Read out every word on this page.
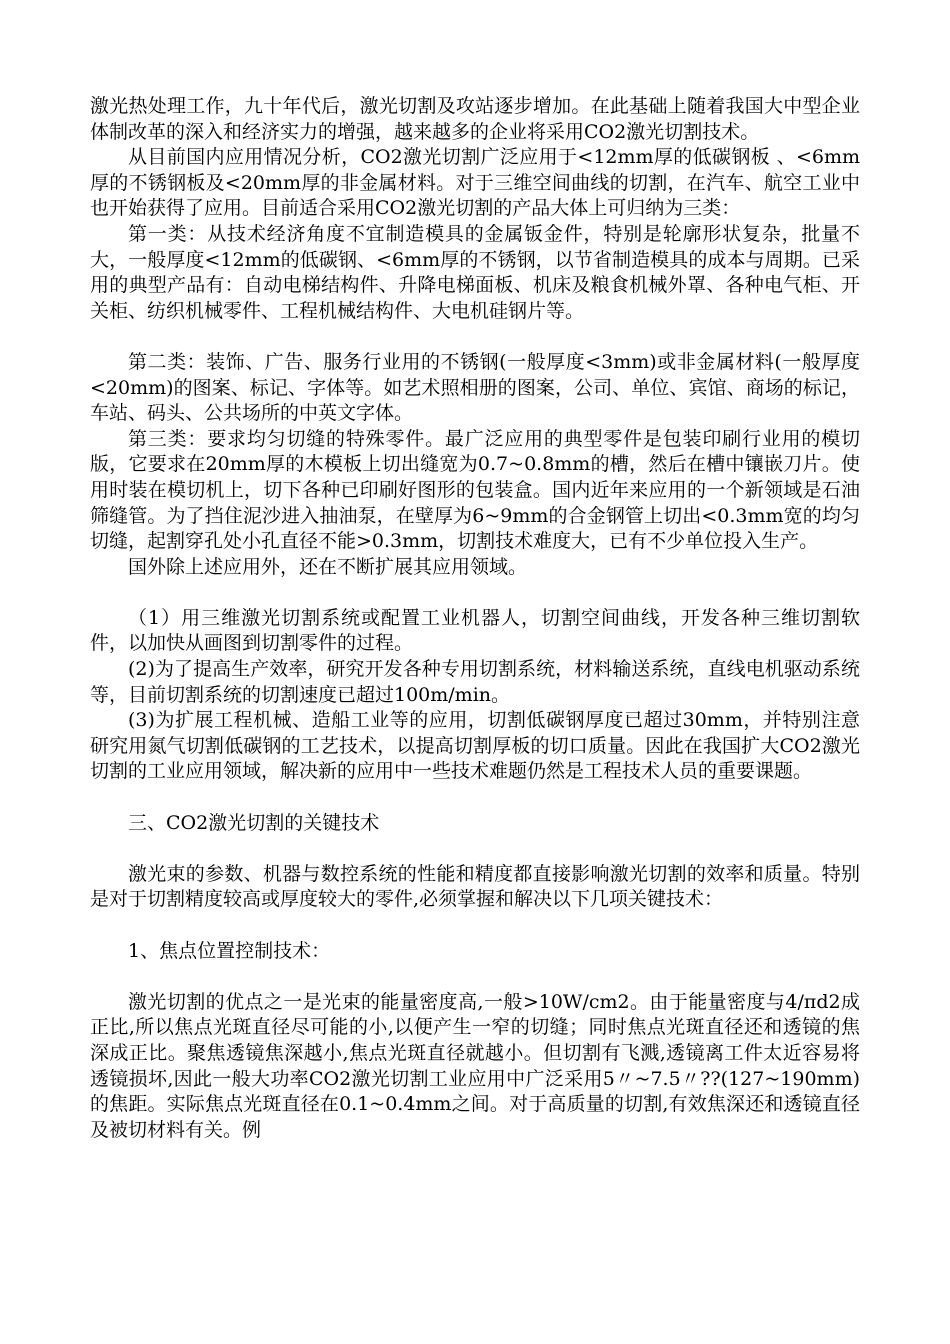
激光热处理工作，九十年代后，激光切割及攻站逐步增加。在此基础上随着我国大中型企业体制改革的深入和经济实力的增强，越来越多的企业将采用CO2激光切割技术。

从目前国内应用情况分析，CO2激光切割广泛应用于<12mm厚的低碳钢板 、<6mm厚的不锈钢板及<20mm厚的非金属材料。对于三维空间曲线的切割，在汽车、航空工业中也开始获得了应用。目前适合采用CO2激光切割的产品大体上可归纳为三类：

第一类：从技术经济角度不宜制造模具的金属钣金件，特别是轮廓形状复杂，批量不大，一般厚度<12mm的低碳钢、<6mm厚的不锈钢，以节省制造模具的成本与周期。已采用的典型产品有：自动电梯结构件、升降电梯面板、机床及粮食机械外罩、各种电气柜、开关柜、纺织机械零件、工程机械结构件、大电机硅钢片等。

第二类：装饰、广告、服务行业用的不锈钢(一般厚度<3mm)或非金属材料(一般厚度<20mm)的图案、标记、字体等。如艺术照相册的图案，公司、单位、宾馆、商场的标记，车站、码头、公共场所的中英文字体。

第三类：要求均匀切缝的特殊零件。最广泛应用的典型零件是包装印刷行业用的模切版，它要求在20mm厚的木模板上切出缝宽为0.7~0.8mm的槽，然后在槽中镶嵌刀片。使用时装在模切机上，切下各种已印刷好图形的包装盒。国内近年来应用的一个新领域是石油筛缝管。为了挡住泥沙进入抽油泵，在壁厚为6~9mm的合金钢管上切出<0.3mm宽的均匀切缝，起割穿孔处小孔直径不能>0.3mm，切割技术难度大，已有不少单位投入生产。

国外除上述应用外，还在不断扩展其应用领域。

（1）用三维激光切割系统或配置工业机器人，切割空间曲线，开发各种三维切割软件，以加快从画图到切割零件的过程。

(2)为了提高生产效率，研究开发各种专用切割系统，材料输送系统，直线电机驱动系统等，目前切割系统的切割速度已超过100m/min。

(3)为扩展工程机械、造船工业等的应用，切割低碳钢厚度已超过30mm，并特别注意研究用氮气切割低碳钢的工艺技术，以提高切割厚板的切口质量。因此在我国扩大CO2激光切割的工业应用领域，解决新的应用中一些技术难题仍然是工程技术人员的重要课题。

三、CO2激光切割的关键技术

激光束的参数、机器与数控系统的性能和精度都直接影响激光切割的效率和质量。特别是对于切割精度较高或厚度较大的零件,必须掌握和解决以下几项关键技术：

1、焦点位置控制技术：

激光切割的优点之一是光束的能量密度高,一般>10W/cm2。由于能量密度与4/πd2成正比,所以焦点光斑直径尽可能的小,以便产生一窄的切缝；同时焦点光斑直径还和透镜的焦深成正比。聚焦透镜焦深越小,焦点光斑直径就越小。但切割有飞溅,透镜离工件太近容易将透镜损坏,因此一般大功率CO2激光切割工业应用中广泛采用5〃~7.5〃??(127~190mm)的焦距。实际焦点光斑直径在0.1~0.4mm之间。对于高质量的切割,有效焦深还和透镜直径及被切材料有关。例
